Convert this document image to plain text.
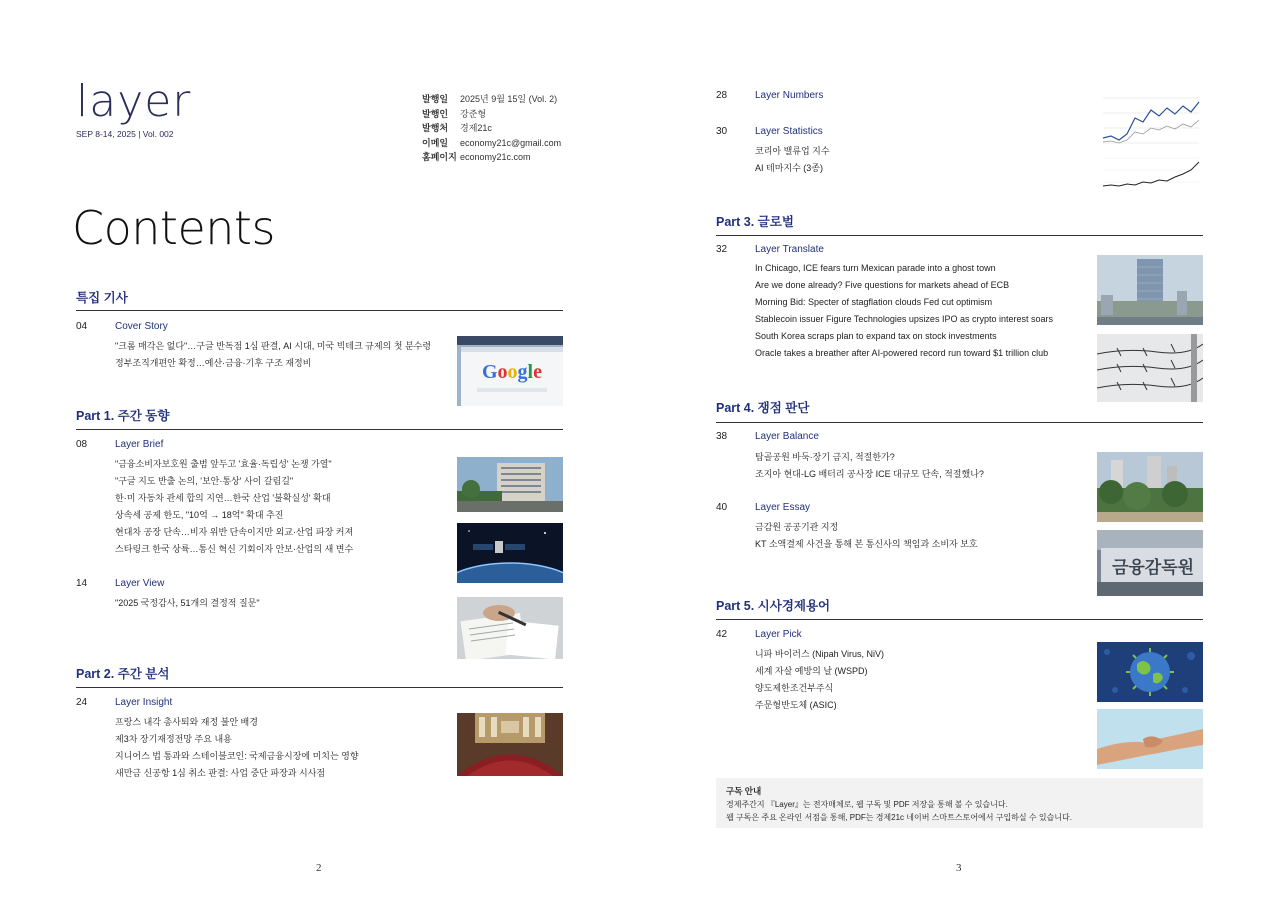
layer
SEP 8-14, 2025 | Vol. 002
발행일	2025년 9월 15일 (Vol. 2)
발행인	강준형
발행처	경제21c
이메일	economy21c@gmail.com
홈페이지 economy21c.com
Contents
특집 기사
04	Cover Story
"크롬 매각은 없다"…구글 반독점 1심 판결, AI 시대, 미국 빅테크 규제의 첫 분수령
정부조직개편안 확정…예산·금융·기후 구조 재정비	Google
Part 1. 주간 동향
08	Layer Brief
"금융소비자보호원 출범 앞두고 '효율·독립성' 논쟁 가열"
"구글 지도 반출 논의, '보안·통상' 사이 갈림길"
한·미 자동차 관세 합의 지연…한국 산업 '불확실성' 확대
상속세 공제 한도, "10억 → 18억" 확대 추진
현대차 공장 단속…비자 위반 단속이지만 외교·산업 파장 커져
스타링크 한국 상륙…통신 혁신 기회이자 안보·산업의 새 변수
14	Layer View
"2025 국정감사, 51개의 결정적 질문"
Part 2. 주간 분석
24	Layer Insight
프랑스 내각 총사퇴와 재정 불안 배경
제3차 장기재정전망 주요 내용
지니어스 법 통과와 스테이블코인: 국제금융시장에 미치는 영향
새만금 신공항 1심 취소 판결: 사업 중단 파장과 시사점
2
28	Layer Numbers
30	Layer Statistics
코리아 밸류업 지수
AI 테마지수 (3종)
Part 3. 글로벌
32	Layer Translate
In Chicago, ICE fears turn Mexican parade into a ghost town
Are we done already? Five questions for markets ahead of ECB
Morning Bid: Specter of stagflation clouds Fed cut optimism
Stablecoin issuer Figure Technologies upsizes IPO as crypto interest soars
South Korea scraps plan to expand tax on stock investments
Oracle takes a breather after AI-powered record run toward $1 trillion club
Part 4. 쟁점 판단
38	Layer Balance
탑골공원 바둑·장기 금지, 적절한가?
조지아 현대-LG 배터리 공사장 ICE 대규모 단속, 적절했나?
40	Layer Essay
금감원 공공기관 지정
KT 소액결제 사건을 통해 본 통신사의 책임과 소비자 보호
금융감독원
Part 5. 시사경제용어
42	Layer Pick
니파 바이러스 (Nipah Virus, NiV)
세계 자살 예방의 날 (WSPD)
양도제한조건부주식
주문형반도체 (ASIC)
구독 안내
경제주간지 『Layer』는 전자매체로, 웹 구독 및 PDF 저장을 통해 볼 수 있습니다.
웹 구독은 주요 온라인 서점을 통해, PDF는 경제21c 네이버 스마트스토어에서 구입하실 수 있습니다.
3
